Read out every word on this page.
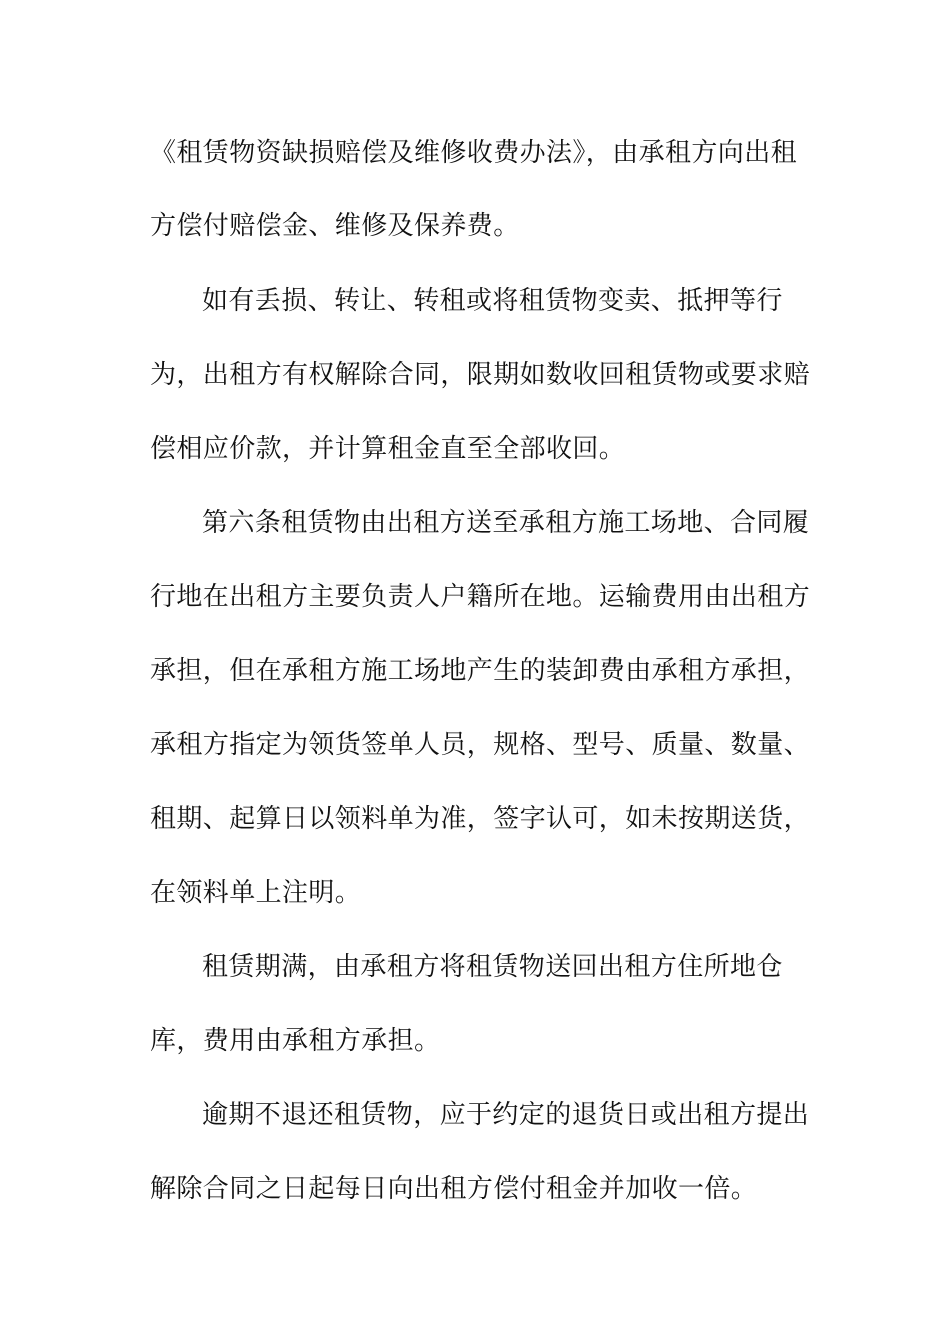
《租赁物资缺损赔偿及维修收费办法》，由承租方向出租
方偿付赔偿金、维修及保养费。
如有丢损、转让、转租或将租赁物变卖、抵押等行
为，出租方有权解除合同，限期如数收回租赁物或要求赔
偿相应价款，并计算租金直至全部收回。
第六条租赁物由出租方送至承租方施工场地、合同履
行地在出租方主要负责人户籍所在地。运输费用由出租方
承担，但在承租方施工场地产生的装卸费由承租方承担，
承租方指定为领货签单人员，规格、型号、质量、数量、
租期、起算日以领料单为准，签字认可，如未按期送货，
在领料单上注明。
租赁期满，由承租方将租赁物送回出租方住所地仓
库，费用由承租方承担。
逾期不退还租赁物，应于约定的退货日或出租方提出
解除合同之日起每日向出租方偿付租金并加收一倍。
